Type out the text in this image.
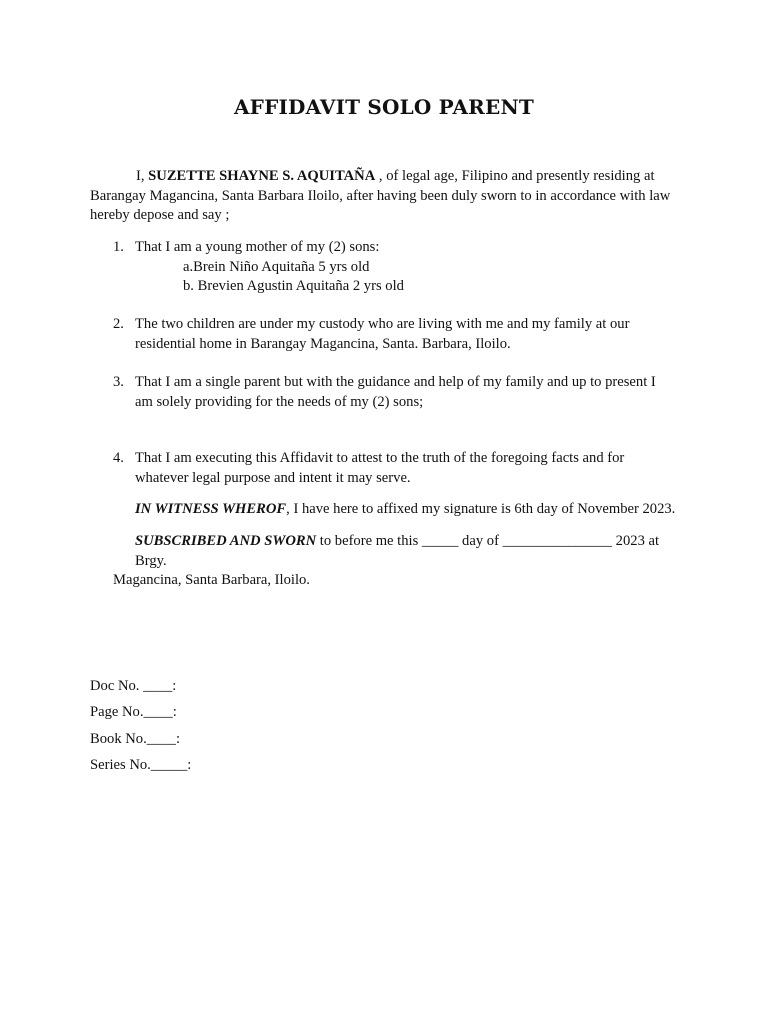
AFFIDAVIT SOLO PARENT
I, SUZETTE SHAYNE S. AQUITAÑA , of legal age, Filipino and presently residing at
Barangay Magancina, Santa Barbara Iloilo, after having been duly sworn to in accordance with law
hereby depose and say ;
1. That I am a young mother of my (2) sons:
a.Brein Niño Aquitaña 5 yrs old
b. Brevien Agustin Aquitaña 2 yrs old
2. The two children are under my custody who are living with me and my family at our
residential home in Barangay Magancina, Santa. Barbara, Iloilo.
3. That I am a single parent but with the guidance and help of my family and up to present I
am solely providing for the needs of my (2) sons;
4. That I am executing this Affidavit to attest to the truth of the foregoing facts and for
whatever legal purpose and intent it may serve.
IN WITNESS WHEROF, I have here to affixed my signature is 6th day of November 2023.
SUBSCRIBED AND SWORN to before me this _____ day of _______________ 2023 at Brgy.
Magancina, Santa Barbara, Iloilo.
Doc No. ____:
Page No.____:
Book No.____:
Series No._____:
